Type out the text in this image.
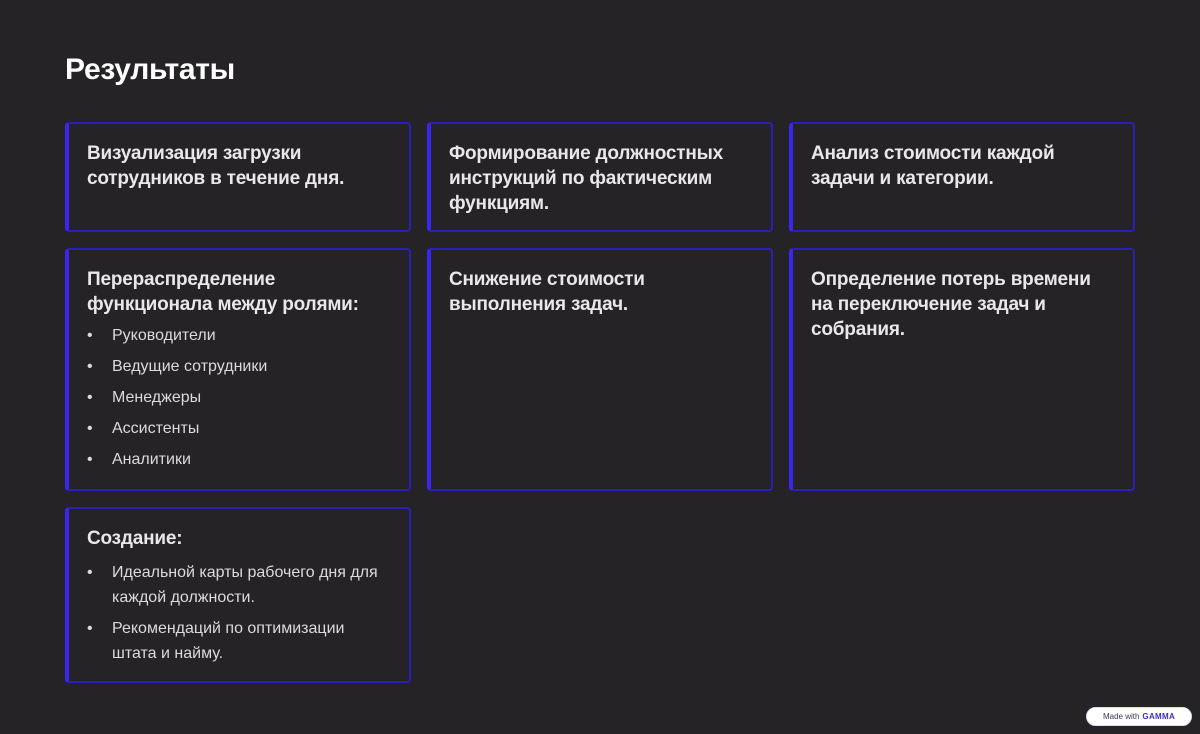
Результаты
Визуализация загрузки сотрудников в течение дня.
Формирование должностных инструкций по фактическим функциям.
Анализ стоимости каждой задачи и категории.
Перераспределение функционала между ролями:
• Руководители
• Ведущие сотрудники
• Менеджеры
• Ассистенты
• Аналитики
Снижение стоимости выполнения задач.
Определение потерь времени на переключение задач и собрания.
Создание:
• Идеальной карты рабочего дня для каждой должности.
• Рекомендаций по оптимизации штата и найму.
Made with GAMMA
